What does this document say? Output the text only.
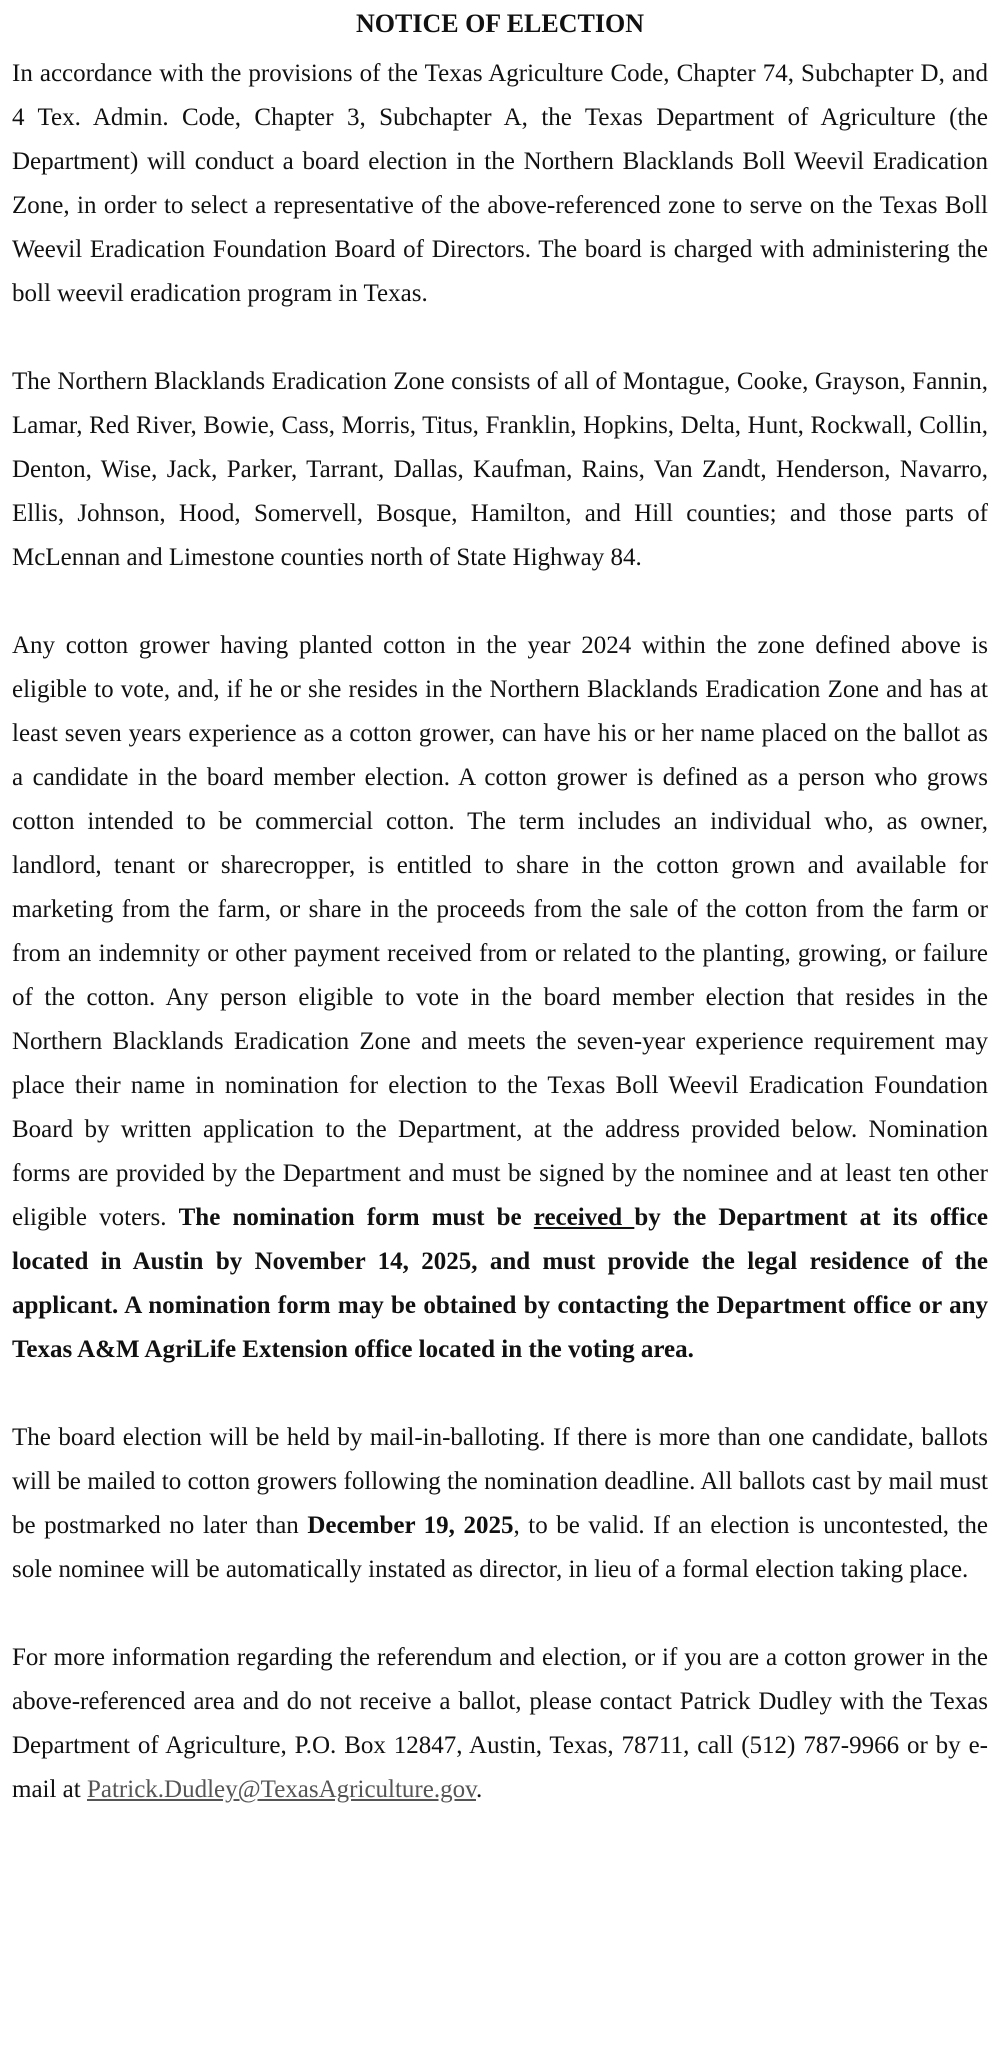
NOTICE OF ELECTION

In accordance with the provisions of the Texas Agriculture Code, Chapter 74, Subchapter D, and 4 Tex. Admin. Code, Chapter 3, Subchapter A, the Texas Department of Agriculture (the Department) will conduct a board election in the Northern Blacklands Boll Weevil Eradication Zone, in order to select a representative of the above-referenced zone to serve on the Texas Boll Weevil Eradication Foundation Board of Directors. The board is charged with administering the boll weevil eradication program in Texas.

The Northern Blacklands Eradication Zone consists of all of Montague, Cooke, Grayson, Fannin, Lamar, Red River, Bowie, Cass, Morris, Titus, Franklin, Hopkins, Delta, Hunt, Rockwall, Collin, Denton, Wise, Jack, Parker, Tarrant, Dallas, Kaufman, Rains, Van Zandt, Henderson, Navarro, Ellis, Johnson, Hood, Somervell, Bosque, Hamilton, and Hill counties; and those parts of McLennan and Limestone counties north of State Highway 84.

Any cotton grower having planted cotton in the year 2024 within the zone defined above is eligible to vote, and, if he or she resides in the Northern Blacklands Eradication Zone and has at least seven years experience as a cotton grower, can have his or her name placed on the ballot as a candidate in the board member election. A cotton grower is defined as a person who grows cotton intended to be commercial cotton. The term includes an individual who, as owner, landlord, tenant or sharecropper, is entitled to share in the cotton grown and available for marketing from the farm, or share in the proceeds from the sale of the cotton from the farm or from an indemnity or other payment received from or related to the planting, growing, or failure of the cotton. Any person eligible to vote in the board member election that resides in the Northern Blacklands Eradication Zone and meets the seven-year experience requirement may place their name in nomination for election to the Texas Boll Weevil Eradication Foundation Board by written application to the Department, at the address provided below. Nomination forms are provided by the Department and must be signed by the nominee and at least ten other eligible voters. The nomination form must be received by the Department at its office located in Austin by November 14, 2025, and must provide the legal residence of the applicant. A nomination form may be obtained by contacting the Department office or any Texas A&M AgriLife Extension office located in the voting area.

The board election will be held by mail-in-balloting. If there is more than one candidate, ballots will be mailed to cotton growers following the nomination deadline. All ballots cast by mail must be postmarked no later than December 19, 2025, to be valid. If an election is uncontested, the sole nominee will be automatically instated as director, in lieu of a formal election taking place.

For more information regarding the referendum and election, or if you are a cotton grower in the above-referenced area and do not receive a ballot, please contact Patrick Dudley with the Texas Department of Agriculture, P.O. Box 12847, Austin, Texas, 78711, call (512) 787-9966 or by e-mail at Patrick.Dudley@TexasAgriculture.gov.
